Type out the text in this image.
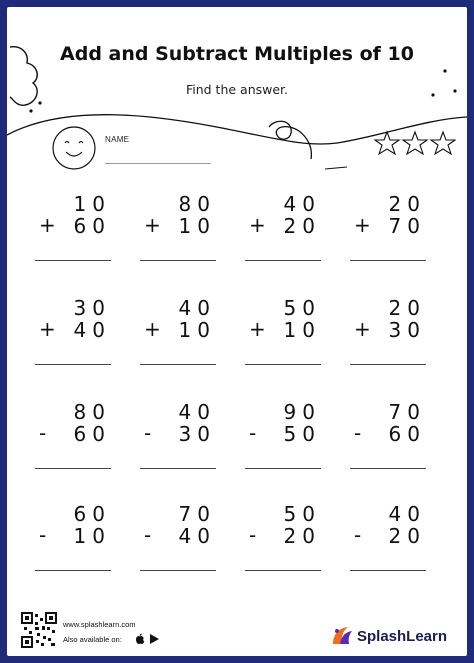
Add and Subtract Multiples of 10
Find the answer.
NAME
10
+ 60
80
+ 10
40
+ 20
20
+ 70
30
+ 40
40
+ 10
50
+ 10
20
+ 30
80
- 60
40
- 30
90
- 50
70
- 60
60
- 10
70
- 40
50
- 20
40
- 20
www.splashlearn.com
Also available on:	SplashLearn
